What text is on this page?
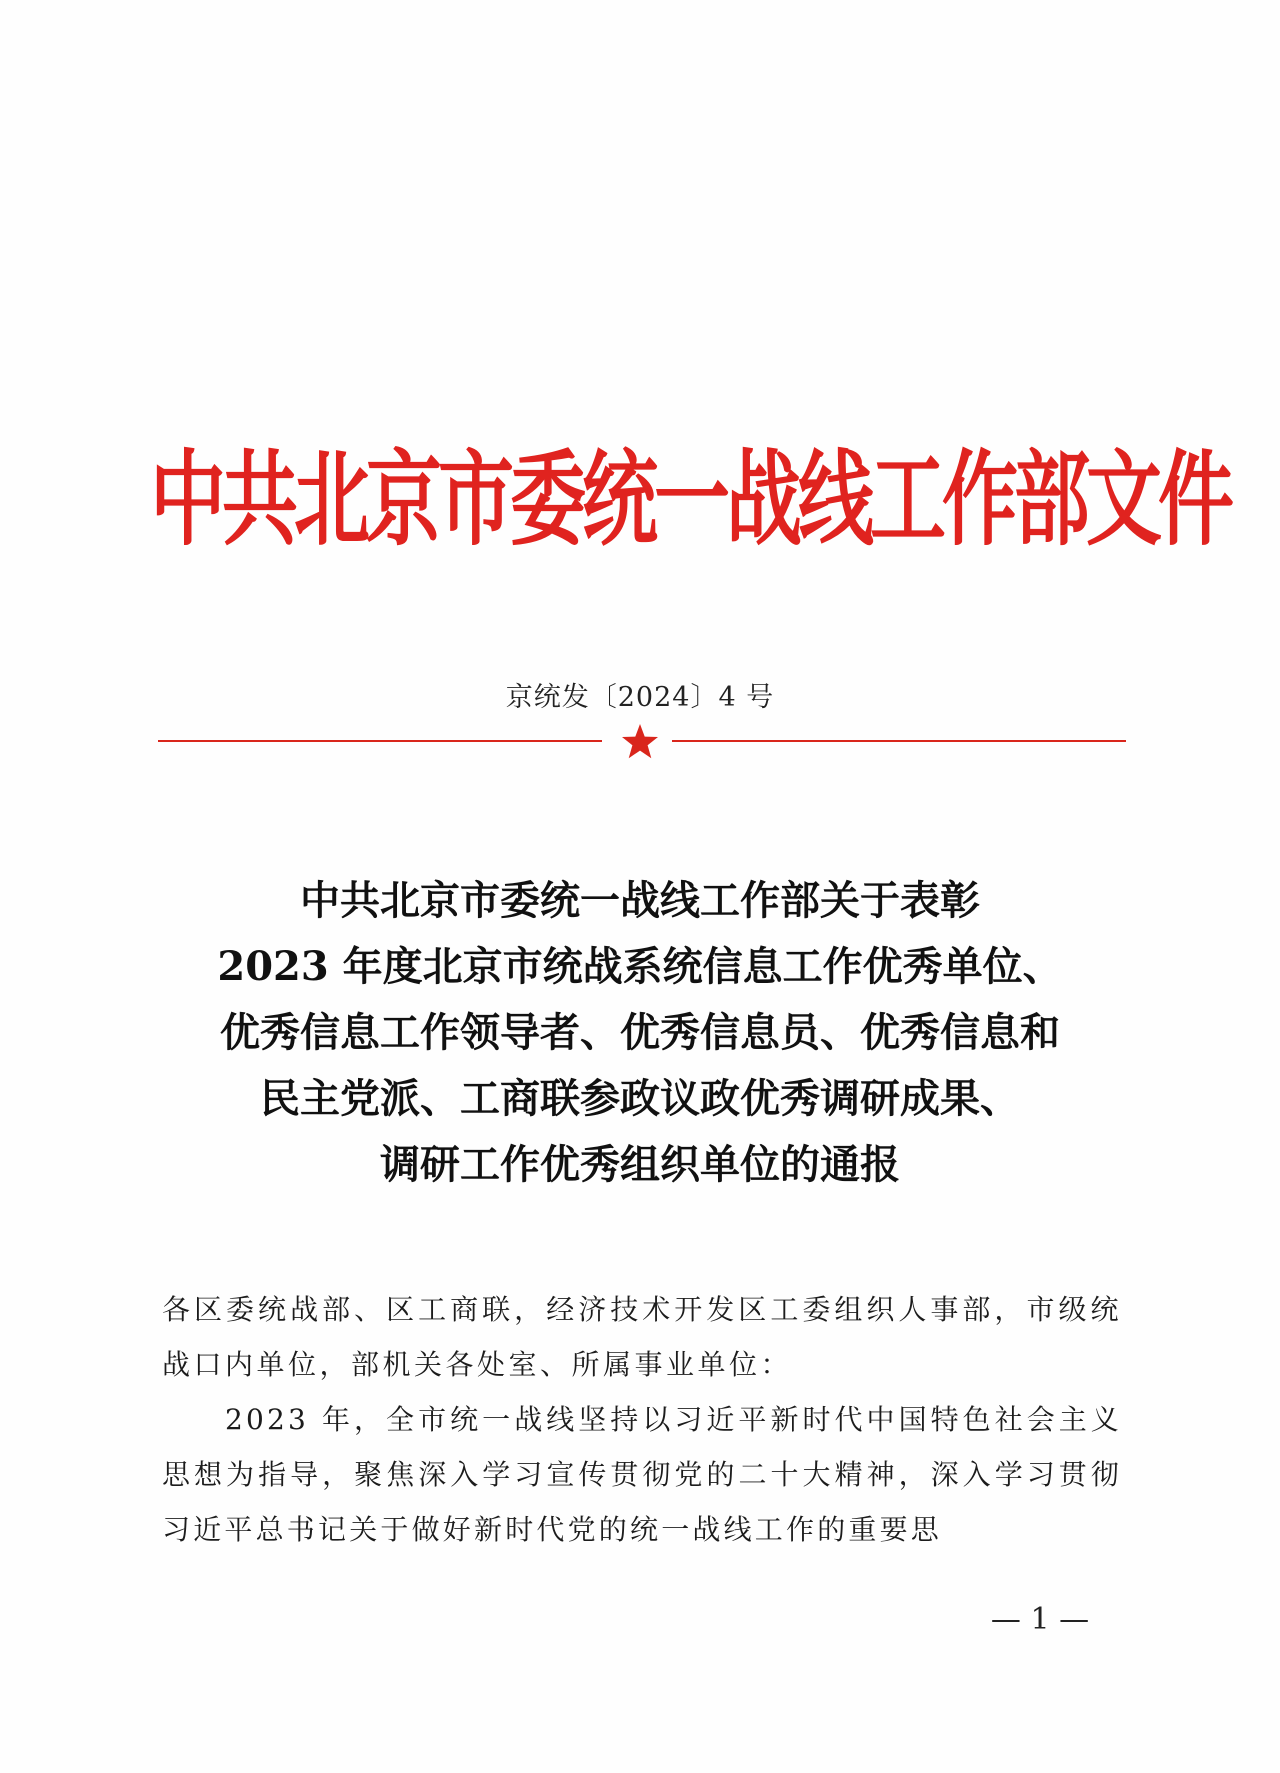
中共北京市委统一战线工作部文件
京统发〔2024〕4 号
中共北京市委统一战线工作部关于表彰
2023 年度北京市统战系统信息工作优秀单位、
优秀信息工作领导者、优秀信息员、优秀信息和
民主党派、工商联参政议政优秀调研成果、
调研工作优秀组织单位的通报

各区委统战部、区工商联，经济技术开发区工委组织人事部，市级统战口内单位，部机关各处室、所属事业单位：

2023 年，全市统一战线坚持以习近平新时代中国特色社会主义思想为指导，聚焦深入学习宣传贯彻党的二十大精神，深入学习贯彻习近平总书记关于做好新时代党的统一战线工作的重要思

— 1 —
